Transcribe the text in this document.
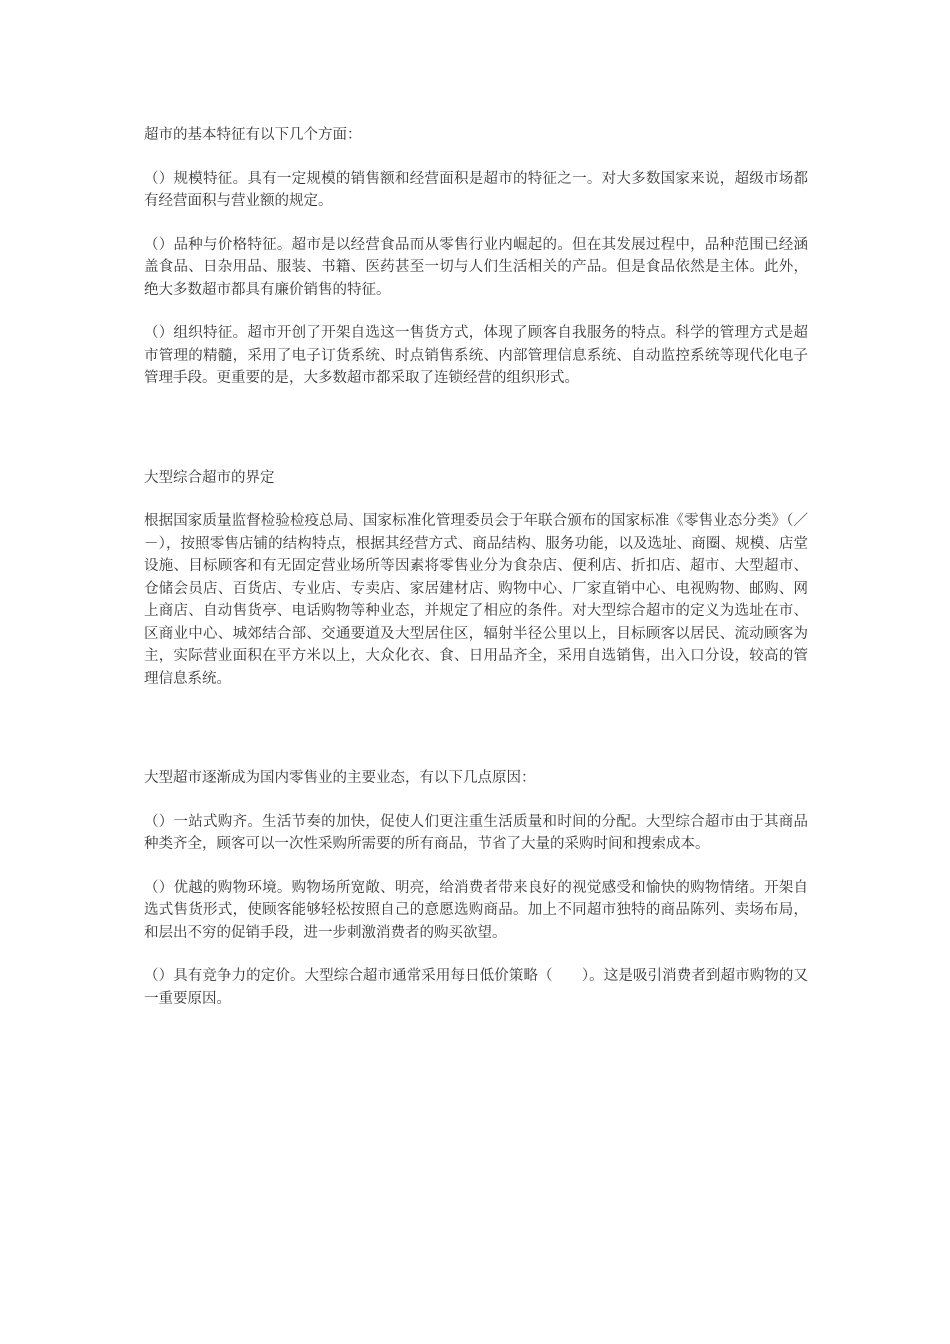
超市的基本特征有以下几个方面：

（）规模特征。具有一定规模的销售额和经营面积是超市的特征之一。对大多数国家来说，超级市场都有经营面积与营业额的规定。

（）品种与价格特征。超市是以经营食品而从零售行业内崛起的。但在其发展过程中，品种范围已经涵盖食品、日杂用品、服装、书籍、医药甚至一切与人们生活相关的产品。但是食品依然是主体。此外，绝大多数超市都具有廉价销售的特征。

（）组织特征。超市开创了开架自选这一售货方式，体现了顾客自我服务的特点。科学的管理方式是超市管理的精髓，采用了电子订货系统、时点销售系统、内部管理信息系统、自动监控系统等现代化电子管理手段。更重要的是，大多数超市都采取了连锁经营的组织形式。

大型综合超市的界定

根据国家质量监督检验检疫总局、国家标准化管理委员会于年联合颁布的国家标准《零售业态分类》（／－），按照零售店铺的结构特点，根据其经营方式、商品结构、服务功能，以及选址、商圈、规模、店堂设施、目标顾客和有无固定营业场所等因素将零售业分为食杂店、便利店、折扣店、超市、大型超市、仓储会员店、百货店、专业店、专卖店、家居建材店、购物中心、厂家直销中心、电视购物、邮购、网上商店、自动售货亭、电话购物等种业态，并规定了相应的条件。对大型综合超市的定义为选址在市、区商业中心、城郊结合部、交通要道及大型居住区，辐射半径公里以上，目标顾客以居民、流动顾客为主，实际营业面积在平方米以上，大众化衣、食、日用品齐全，采用自选销售，出入口分设，较高的管理信息系统。

大型超市逐渐成为国内零售业的主要业态，有以下几点原因：

（）一站式购齐。生活节奏的加快，促使人们更注重生活质量和时间的分配。大型综合超市由于其商品种类齐全，顾客可以一次性采购所需要的所有商品，节省了大量的采购时间和搜索成本。

（）优越的购物环境。购物场所宽敞、明亮，给消费者带来良好的视觉感受和愉快的购物情绪。开架自选式售货形式，使顾客能够轻松按照自己的意愿选购商品。加上不同超市独特的商品陈列、卖场布局，和层出不穷的促销手段，进一步刺激消费者的购买欲望。

（）具有竞争力的定价。大型综合超市通常采用每日低价策略（　　）。这是吸引消费者到超市购物的又一重要原因。
